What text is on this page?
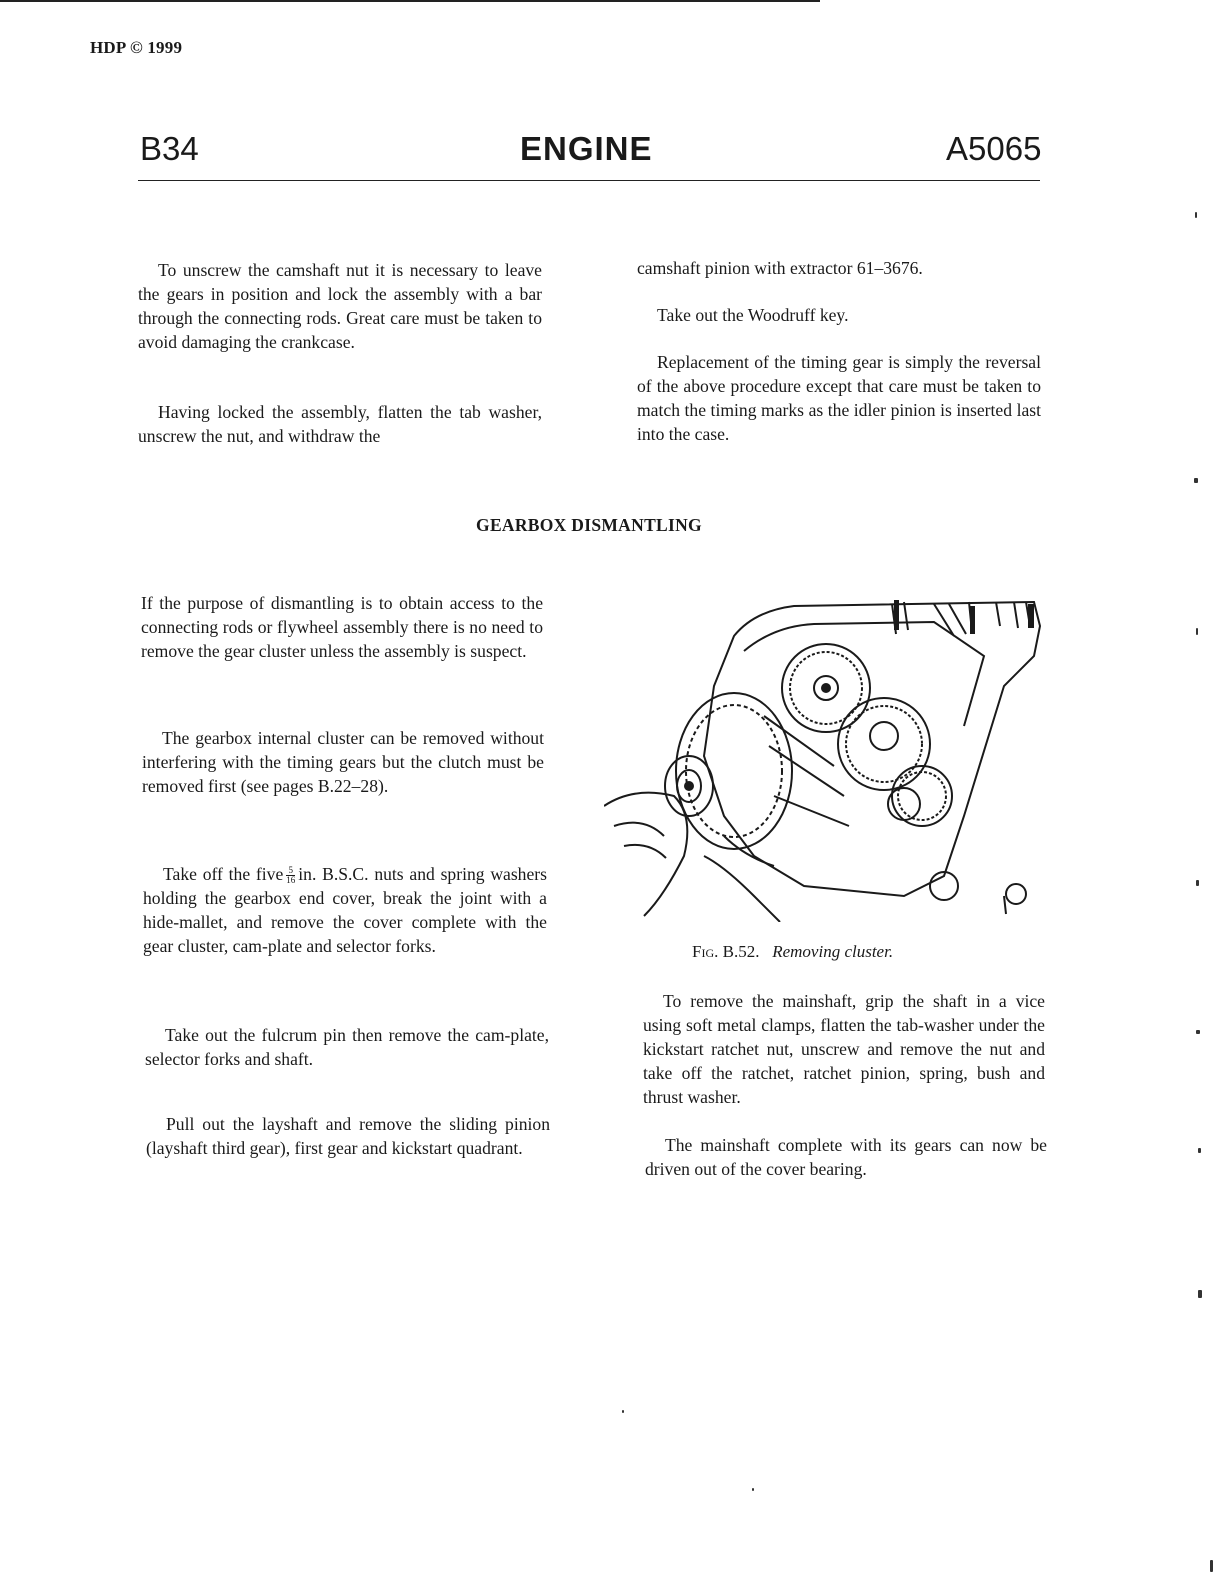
HDP © 1999
B34	ENGINE	A5065
To unscrew the camshaft nut it is necessary to leave the gears in position and lock the assembly with a bar through the connecting rods. Great care must be taken to avoid damaging the crankcase.
Having locked the assembly, flatten the tab washer, unscrew the nut, and withdraw the
camshaft pinion with extractor 61–3676.
Take out the Woodruff key.
Replacement of the timing gear is simply the reversal of the above procedure except that care must be taken to match the timing marks as the idler pinion is inserted last into the case.
GEARBOX DISMANTLING
If the purpose of dismantling is to obtain access to the connecting rods or flywheel assembly there is no need to remove the gear cluster unless the assembly is suspect.
The gearbox internal cluster can be removed without interfering with the timing gears but the clutch must be removed first (see pages B.22–28).
Take off the five $\frac{5}{16}$ in. B.S.C. nuts and spring washers holding the gearbox end cover, break the joint with a hide-mallet, and remove the cover complete with the gear cluster, cam-plate and selector forks.
Take out the fulcrum pin then remove the cam-plate, selector forks and shaft.
Pull out the layshaft and remove the sliding pinion (layshaft third gear), first gear and kickstart quadrant.
Fig. B.52. Removing cluster.
To remove the mainshaft, grip the shaft in a vice using soft metal clamps, flatten the tab-washer under the kickstart ratchet nut, unscrew and remove the nut and take off the ratchet, ratchet pinion, spring, bush and thrust washer.
The mainshaft complete with its gears can now be driven out of the cover bearing.
